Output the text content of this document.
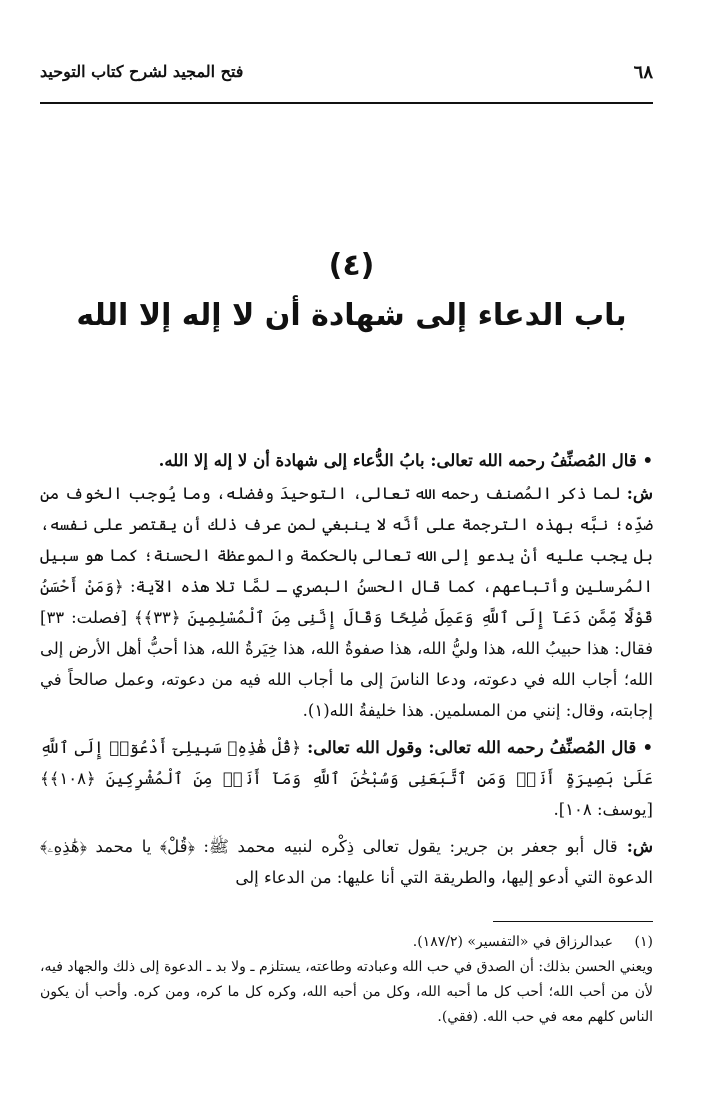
٦٨
فتح المجيد لشرح كتاب التوحيد
(٤)
باب الدعاء إلى شهادة أن لا إله إلا الله

• قال المُصنِّفُ رحمه الله تعالى: بابُ الدُّعاء إلى شهادة أن لا إله إلا الله.

ش: لما ذكر المُصنف رحمه الله تعالى، التوحيدَ وفضله، وما يُوجب الخوف من ضدِّه؛ نبَّه بهذه الترجمة على أنَّه لا ينبغي لمن عرف ذلك أن يقتصر على نفسه، بل يجب عليه أنْ يدعو إلى الله تعالى بالحكمة والموعظة الحسنة؛ كما هو سبيل المُرسلين وأتباعهم، كما قال الحسنُ البصري ـ لمَّا تلا هذه الآية: ﴿وَمَنْ أَحْسَنُ قَوْلًا مِّمَّن دَعَآ إِلَى ٱللَّهِ وَعَمِلَ صَٰلِحًا وَقَالَ إِنَّنِى مِنَ ٱلْمُسْلِمِينَ ﴿٣٣﴾﴾ [فصلت: ٣٣] فقال: هذا حبيبُ الله، هذا وليُّ الله، هذا صفوةُ الله، هذا خِيَرةُ الله، هذا أحبُّ أهل الأرض إلى الله؛ أجاب الله في دعوته، ودعا الناسَ إلى ما أجاب الله فيه من دعوته، وعمل صالحاً في إجابته، وقال: إنني من المسلمين. هذا خليفةُ الله(١).

• قال المُصنِّفُ رحمه الله تعالى: وقول الله تعالى: ﴿قُلْ هَٰذِهِۦ سَبِيلِىٓ أَدْعُوٓا۟ إِلَى ٱللَّهِ عَلَىٰ بَصِيرَةٍ أَنَا۠ وَمَنِ ٱتَّبَعَنِى وَسُبْحَٰنَ ٱللَّهِ وَمَآ أَنَا۠ مِنَ ٱلْمُشْرِكِينَ ﴿١٠٨﴾﴾ [يوسف: ١٠٨].

ش: قال أبو جعفر بن جرير: يقول تعالى ذِكْره لنبيه محمد ﷺ: ﴿قُلْ﴾ يا محمد ﴿هَٰذِهِۦ﴾ الدعوة التي أدعو إليها، والطريقة التي أنا عليها: من الدعاء إلى

(١)عبدالرزاق في «التفسير» (١٨٧/٢).

ويعني الحسن بذلك: أن الصدق في حب الله وعبادته وطاعته، يستلزم ـ ولا بد ـ الدعوة إلى ذلك والجهاد فيه، لأن من أحب الله؛ أحب كل ما أحبه الله، وكل من أحبه الله، وكره كل ما كره، ومن كره. وأحب أن يكون الناس كلهم معه في حب الله. (فقي).
